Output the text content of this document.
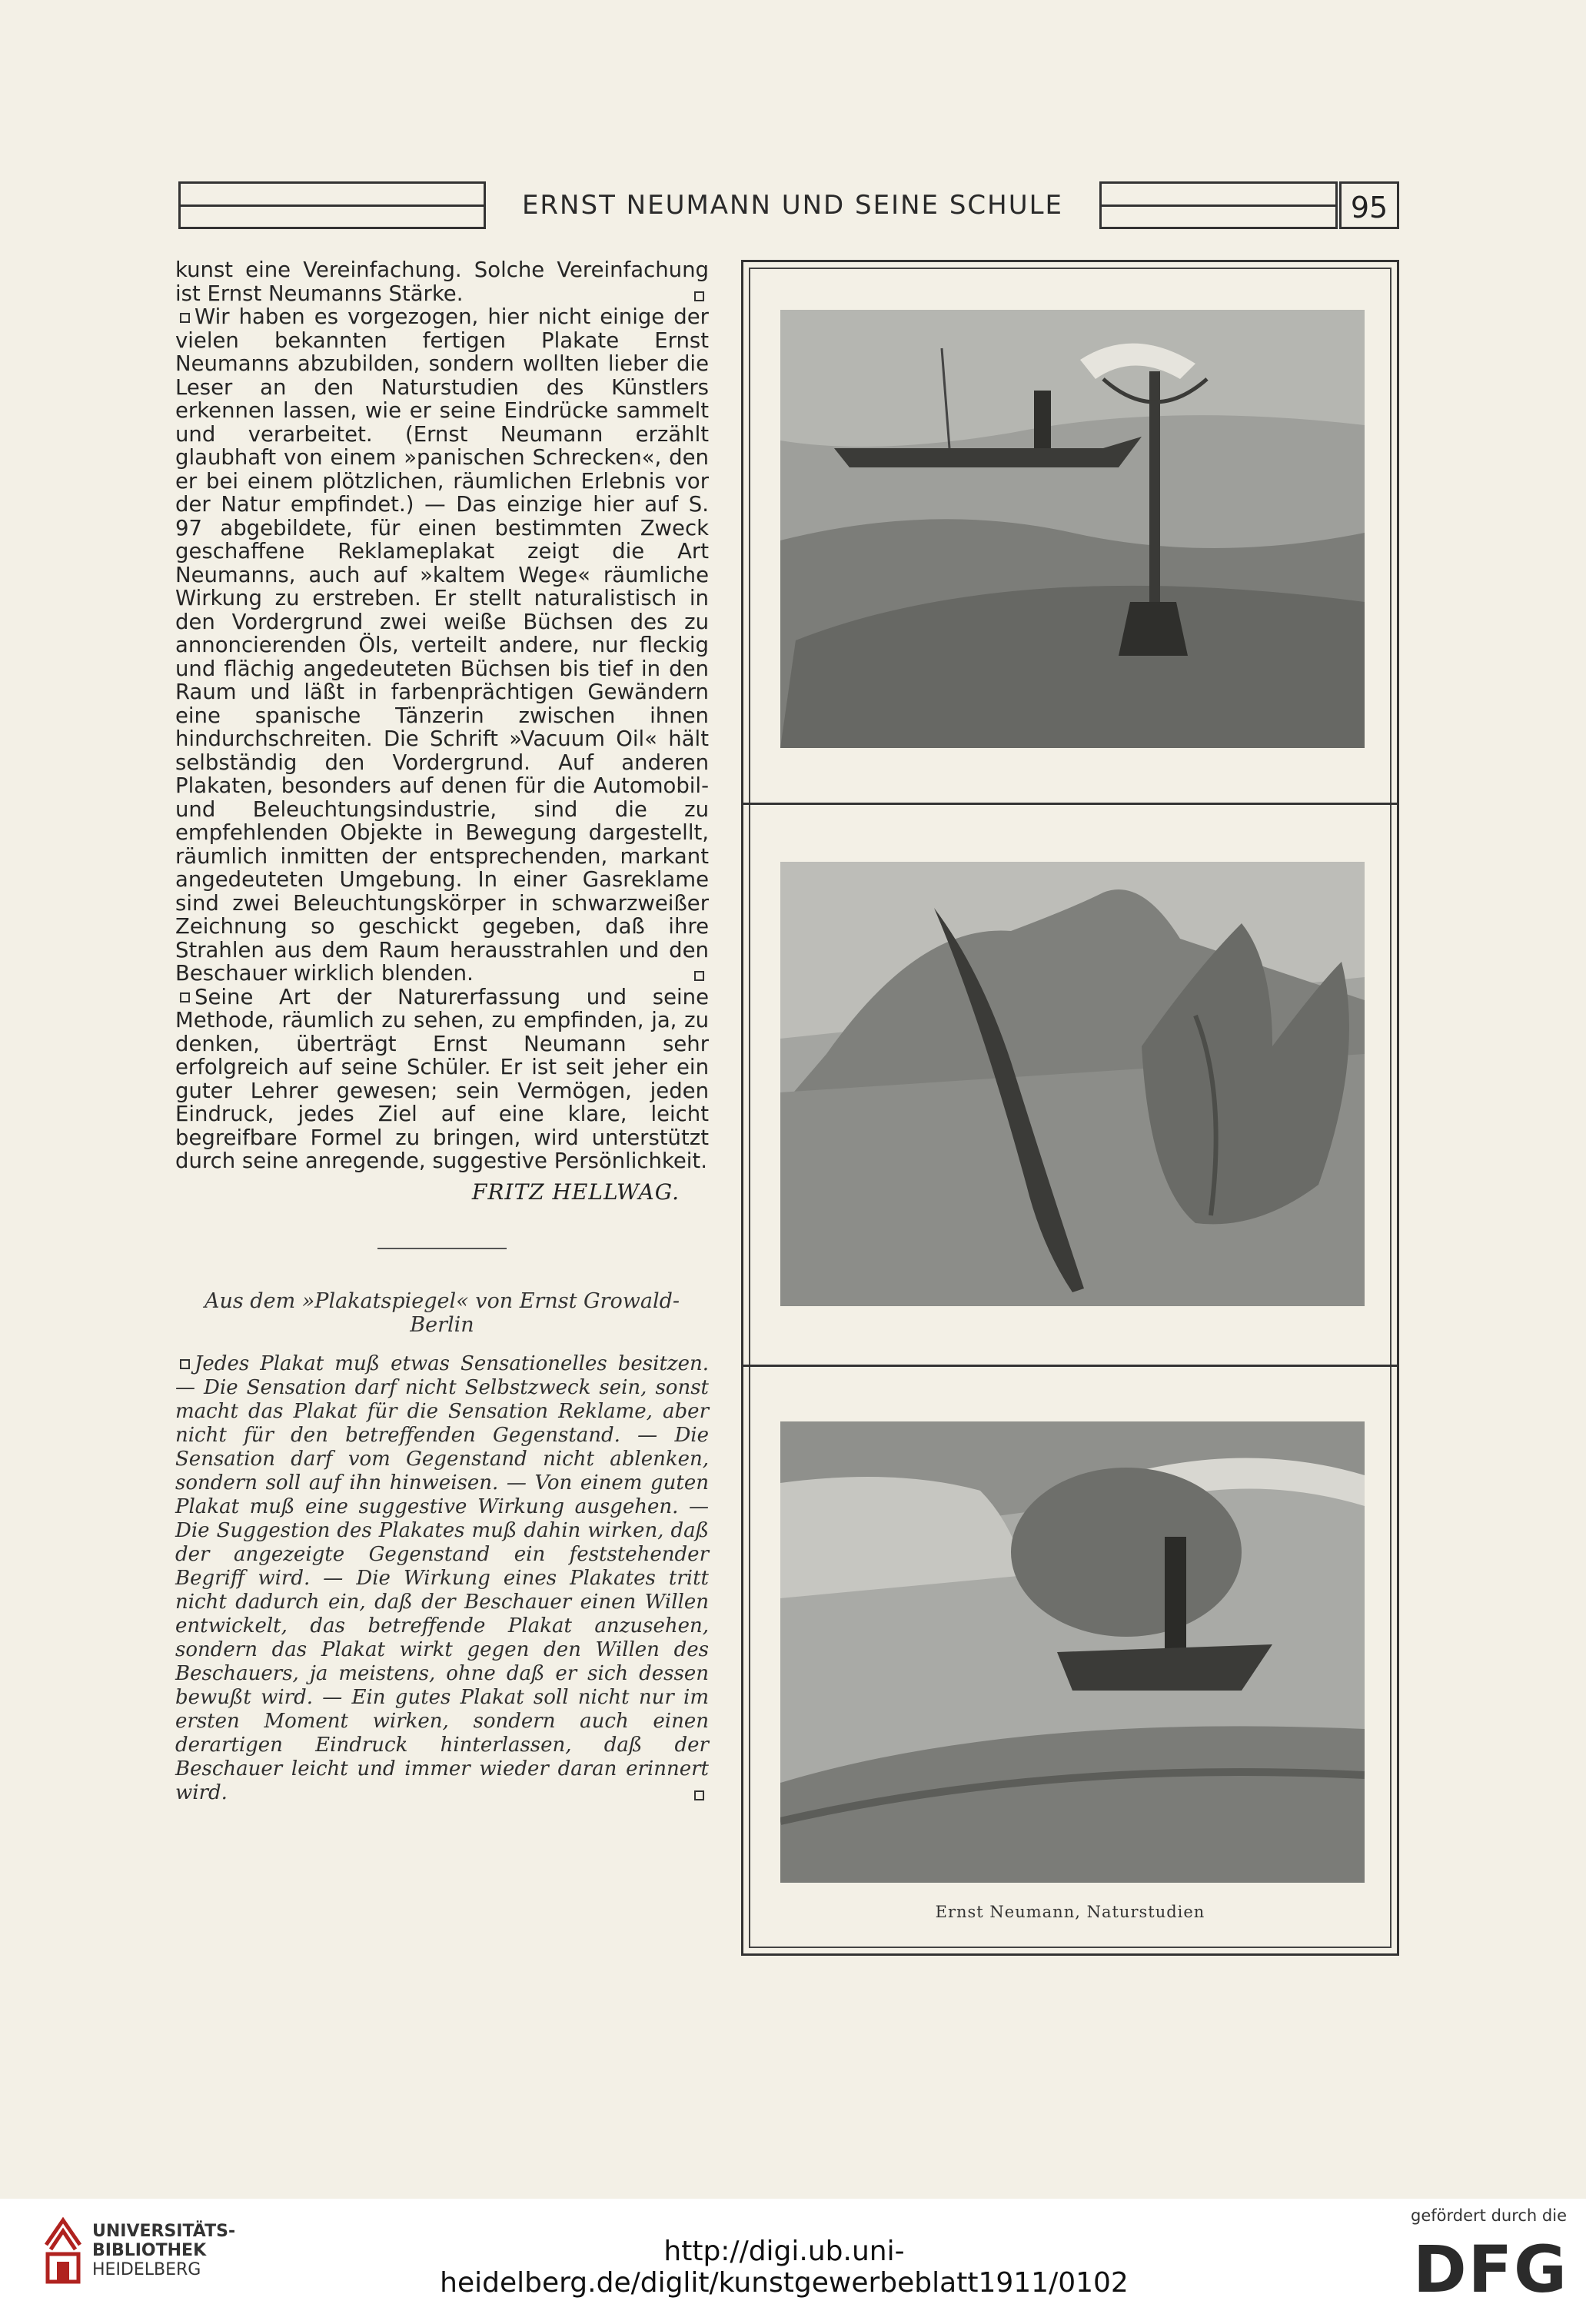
ERNST NEUMANN UND SEINE SCHULE	95

kunst eine Vereinfachung. Solche Vereinfachung ist Ernst Neumanns Stärke.

Wir haben es vorgezogen, hier nicht einige der vielen bekannten fertigen Plakate Ernst Neumanns abzubilden, sondern wollten lieber die Leser an den Naturstudien des Künstlers erkennen lassen, wie er seine Eindrücke sammelt und verarbeitet. (Ernst Neumann erzählt glaubhaft von einem »panischen Schrecken«, den er bei einem plötzlichen, räumlichen Erlebnis vor der Natur empfindet.) — Das einzige hier auf S. 97 abgebildete, für einen bestimmten Zweck geschaffene Reklameplakat zeigt die Art Neumanns, auch auf »kaltem Wege« räumliche Wirkung zu erstreben. Er stellt naturalistisch in den Vordergrund zwei weiße Büchsen des zu annoncierenden Öls, verteilt andere, nur fleckig und flächig angedeuteten Büchsen bis tief in den Raum und läßt in farbenprächtigen Gewändern eine spanische Tänzerin zwischen ihnen hindurchschreiten. Die Schrift »Vacuum Oil« hält selbständig den Vordergrund. Auf anderen Plakaten, besonders auf denen für die Automobil- und Beleuchtungsindustrie, sind die zu empfehlenden Objekte in Bewegung dargestellt, räumlich inmitten der entsprechenden, markant angedeuteten Umgebung. In einer Gasreklame sind zwei Beleuchtungskörper in schwarzweißer Zeichnung so geschickt gegeben, daß ihre Strahlen aus dem Raum herausstrahlen und den Beschauer wirklich blenden.

Seine Art der Naturerfassung und seine Methode, räumlich zu sehen, zu empfinden, ja, zu denken, überträgt Ernst Neumann sehr erfolgreich auf seine Schüler. Er ist seit jeher ein guter Lehrer gewesen; sein Vermögen, jeden Eindruck, jedes Ziel auf eine klare, leicht begreifbare Formel zu bringen, wird unterstützt durch seine anregende, suggestive Persönlichkeit.

FRITZ HELLWAG.
Aus dem »Plakatspiegel« von Ernst Growald-Berlin

Jedes Plakat muß etwas Sensationelles besitzen. — Die Sensation darf nicht Selbstzweck sein, sonst macht das Plakat für die Sensation Reklame, aber nicht für den betreffenden Gegenstand. — Die Sensation darf vom Gegenstand nicht ablenken, sondern soll auf ihn hinweisen. — Von einem guten Plakat muß eine suggestive Wirkung ausgehen. — Die Suggestion des Plakates muß dahin wirken, daß der angezeigte Gegenstand ein feststehender Begriff wird. — Die Wirkung eines Plakates tritt nicht dadurch ein, daß der Beschauer einen Willen entwickelt, das betreffende Plakat anzusehen, sondern das Plakat wirkt gegen den Willen des Beschauers, ja meistens, ohne daß er sich dessen bewußt wird. — Ein gutes Plakat soll nicht nur im ersten Moment wirken, sondern auch einen derartigen Eindruck hinterlassen, daß der Beschauer leicht und immer wieder daran erinnert wird.

Ernst Neumann, Naturstudien
UNIVERSITÄTS-
BIBLIOTHEK
HEIDELBERG
http://digi.ub.uni-heidelberg.de/diglit/kunstgewerbeblatt1911/0102
gefördert durch die
DFG
